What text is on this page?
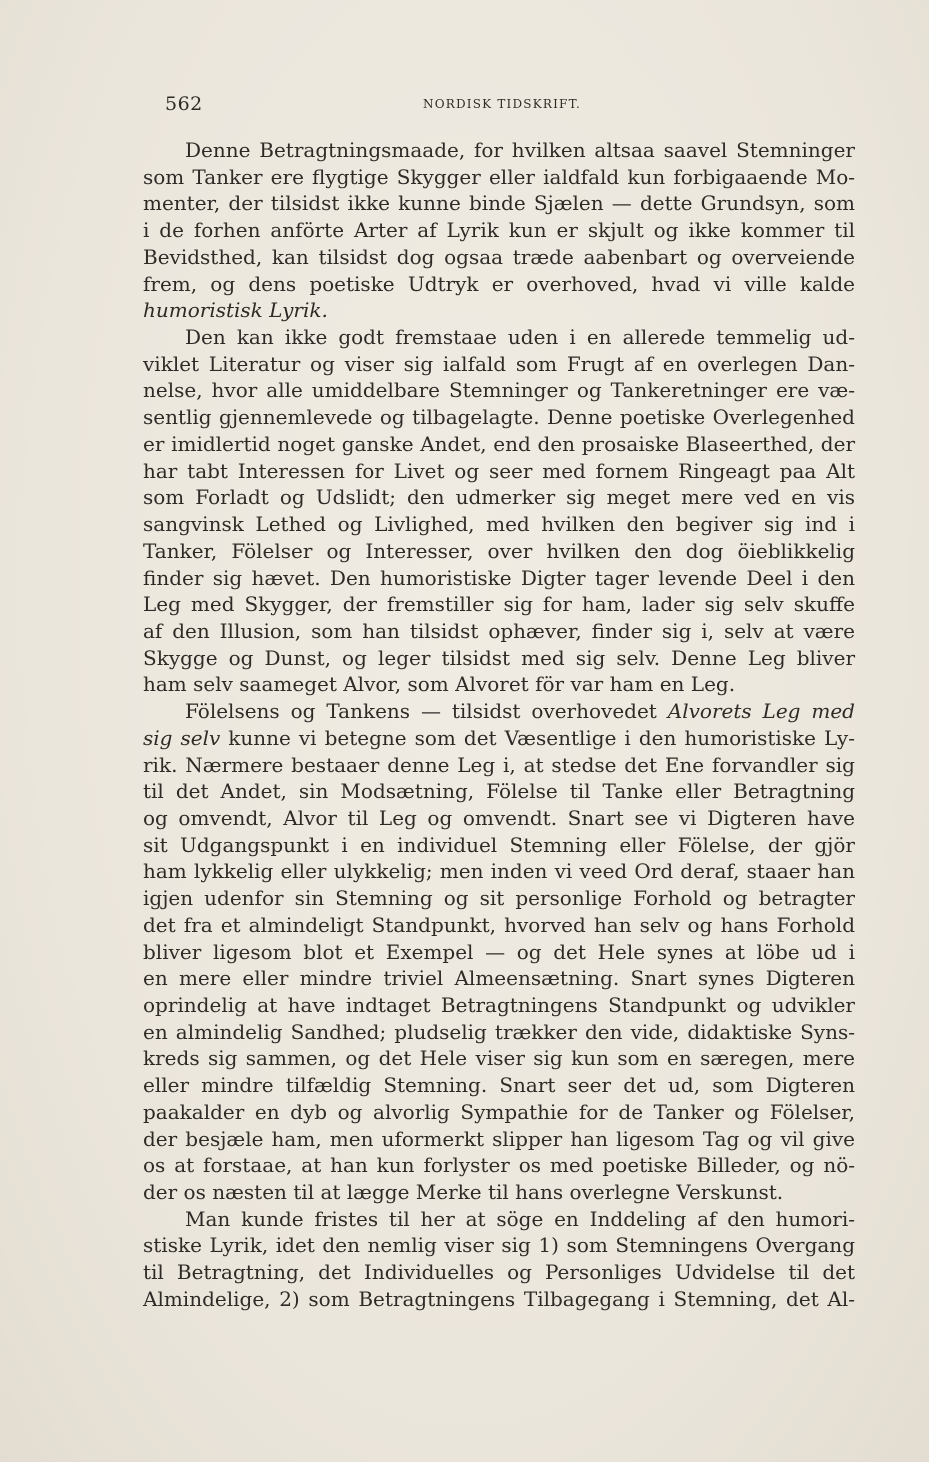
562	NORDISK TIDSKRIFT.
Denne Betragtningsmaade, for hvilken altsaa saavel Stemninger
som Tanker ere flygtige Skygger eller ialdfald kun forbigaaende Mo-
menter, der tilsidst ikke kunne binde Sjælen — dette Grundsyn, som
i de forhen anförte Arter af Lyrik kun er skjult og ikke kommer til
Bevidsthed, kan tilsidst dog ogsaa træde aabenbart og overveiende
frem, og dens poetiske Udtryk er overhoved, hvad vi ville kalde
humoristisk Lyrik.
Den kan ikke godt fremstaae uden i en allerede temmelig ud-
viklet Literatur og viser sig ialfald som Frugt af en overlegen Dan-
nelse, hvor alle umiddelbare Stemninger og Tankeretninger ere væ-
sentlig gjennemlevede og tilbagelagte. Denne poetiske Overlegenhed
er imidlertid noget ganske Andet, end den prosaiske Blaseerthed, der
har tabt Interessen for Livet og seer med fornem Ringeagt paa Alt
som Forladt og Udslidt; den udmerker sig meget mere ved en vis
sangvinsk Lethed og Livlighed, med hvilken den begiver sig ind i
Tanker, Fölelser og Interesser, over hvilken den dog öieblikkelig
finder sig hævet. Den humoristiske Digter tager levende Deel i den
Leg med Skygger, der fremstiller sig for ham, lader sig selv skuffe
af den Illusion, som han tilsidst ophæver, finder sig i, selv at være
Skygge og Dunst, og leger tilsidst med sig selv. Denne Leg bliver
ham selv saameget Alvor, som Alvoret för var ham en Leg.
Fölelsens og Tankens — tilsidst overhovedet Alvorets Leg med
sig selv kunne vi betegne som det Væsentlige i den humoristiske Ly-
rik. Nærmere bestaaer denne Leg i, at stedse det Ene forvandler sig
til det Andet, sin Modsætning, Fölelse til Tanke eller Betragtning
og omvendt, Alvor til Leg og omvendt. Snart see vi Digteren have
sit Udgangspunkt i en individuel Stemning eller Fölelse, der gjör
ham lykkelig eller ulykkelig; men inden vi veed Ord deraf, staaer han
igjen udenfor sin Stemning og sit personlige Forhold og betragter
det fra et almindeligt Standpunkt, hvorved han selv og hans Forhold
bliver ligesom blot et Exempel — og det Hele synes at löbe ud i
en mere eller mindre triviel Almeensætning. Snart synes Digteren
oprindelig at have indtaget Betragtningens Standpunkt og udvikler
en almindelig Sandhed; pludselig trækker den vide, didaktiske Syns-
kreds sig sammen, og det Hele viser sig kun som en særegen, mere
eller mindre tilfældig Stemning. Snart seer det ud, som Digteren
paakalder en dyb og alvorlig Sympathie for de Tanker og Fölelser,
der besjæle ham, men uformerkt slipper han ligesom Tag og vil give
os at forstaae, at han kun forlyster os med poetiske Billeder, og nö-
der os næsten til at lægge Merke til hans overlegne Verskunst.
Man kunde fristes til her at söge en Inddeling af den humori-
stiske Lyrik, idet den nemlig viser sig 1) som Stemningens Overgang
til Betragtning, det Individuelles og Personliges Udvidelse til det
Almindelige, 2) som Betragtningens Tilbagegang i Stemning, det Al-
